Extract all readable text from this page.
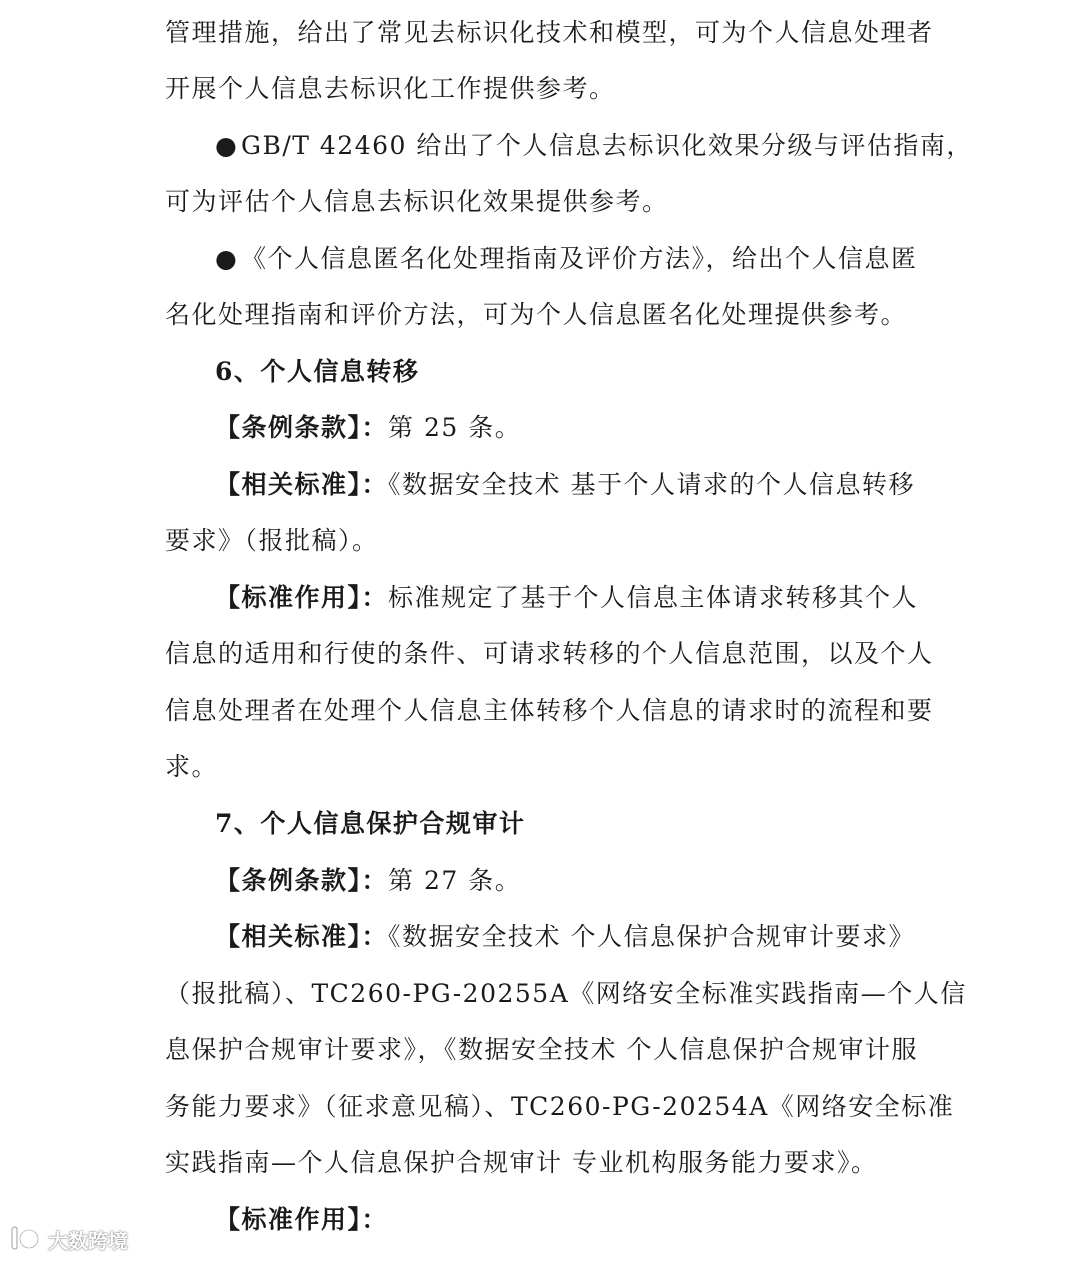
管理措施，给出了常见去标识化技术和模型，可为个人信息处理者
开展个人信息去标识化工作提供参考。
● GB/T 42460 给出了个人信息去标识化效果分级与评估指南，
可为评估个人信息去标识化效果提供参考。
● 《个人信息匿名化处理指南及评价方法》，给出个人信息匿
名化处理指南和评价方法，可为个人信息匿名化处理提供参考。
6、个人信息转移
【条例条款】：第 25 条。
【相关标准】：《数据安全技术 基于个人请求的个人信息转移
要求》（报批稿）。
【标准作用】：标准规定了基于个人信息主体请求转移其个人
信息的适用和行使的条件、可请求转移的个人信息范围，以及个人
信息处理者在处理个人信息主体转移个人信息的请求时的流程和要
求。
7、个人信息保护合规审计
【条例条款】：第 27 条。
【相关标准】：《数据安全技术 个人信息保护合规审计要求》
（报批稿）、TC260-PG-20255A《网络安全标准实践指南—个人信
息保护合规审计要求》，《数据安全技术 个人信息保护合规审计服
务能力要求》（征求意见稿）、TC260-PG-20254A《网络安全标准
实践指南—个人信息保护合规审计 专业机构服务能力要求》。
【标准作用】：
大数跨境
